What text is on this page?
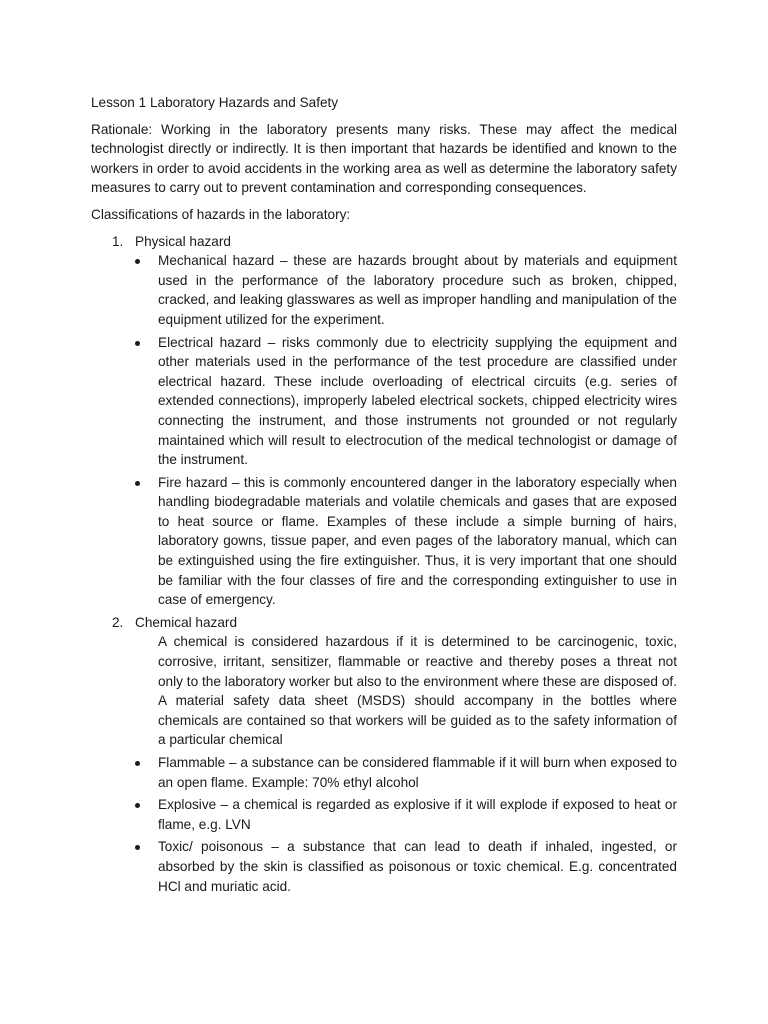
Lesson 1 Laboratory Hazards and Safety

Rationale: Working in the laboratory presents many risks. These may affect the medical technologist directly or indirectly. It is then important that hazards be identified and known to the workers in order to avoid accidents in the working area as well as determine the laboratory safety measures to carry out to prevent contamination and corresponding consequences.

Classifications of hazards in the laboratory:

1. Physical hazard
Mechanical hazard – these are hazards brought about by materials and equipment used in the performance of the laboratory procedure such as broken, chipped, cracked, and leaking glasswares as well as improper handling and manipulation of the equipment utilized for the experiment.
Electrical hazard – risks commonly due to electricity supplying the equipment and other materials used in the performance of the test procedure are classified under electrical hazard. These include overloading of electrical circuits (e.g. series of extended connections), improperly labeled electrical sockets, chipped electricity wires connecting the instrument, and those instruments not grounded or not regularly maintained which will result to electrocution of the medical technologist or damage of the instrument.
Fire hazard – this is commonly encountered danger in the laboratory especially when handling biodegradable materials and volatile chemicals and gases that are exposed to heat source or flame. Examples of these include a simple burning of hairs, laboratory gowns, tissue paper, and even pages of the laboratory manual, which can be extinguished using the fire extinguisher. Thus, it is very important that one should be familiar with the four classes of fire and the corresponding extinguisher to use in case of emergency.
2. Chemical hazard

A chemical is considered hazardous if it is determined to be carcinogenic, toxic, corrosive, irritant, sensitizer, flammable or reactive and thereby poses a threat not only to the laboratory worker but also to the environment where these are disposed of. A material safety data sheet (MSDS) should accompany in the bottles where chemicals are contained so that workers will be guided as to the safety information of a particular chemical

Flammable – a substance can be considered flammable if it will burn when exposed to an open flame. Example: 70% ethyl alcohol
Explosive – a chemical is regarded as explosive if it will explode if exposed to heat or flame, e.g. LVN
Toxic/ poisonous – a substance that can lead to death if inhaled, ingested, or absorbed by the skin is classified as poisonous or toxic chemical. E.g. concentrated HCl and muriatic acid.
